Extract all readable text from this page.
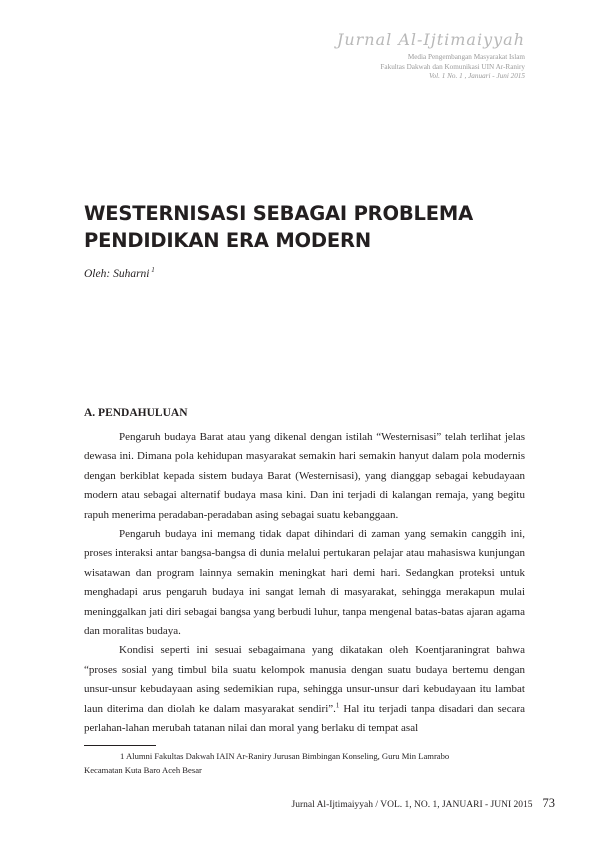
Jurnal Al-Ijtimaiyyah
Media Pengembangan Masyarakat Islam
Fakultas Dakwah dan Komunikasi UIN Ar-Raniry
Vol. 1 No. 1 , Januari - Juni 2015
WESTERNISASI SEBAGAI PROBLEMA PENDIDIKAN ERA MODERN
Oleh: Suharni $^1$
A. PENDAHULUAN

Pengaruh budaya Barat atau yang dikenal dengan istilah “Westernisasi” telah terlihat jelas dewasa ini. Dimana pola kehidupan masyarakat semakin hari semakin hanyut dalam pola modernis dengan berkiblat kepada sistem budaya Barat (Westernisasi), yang dianggap sebagai kebudayaan modern atau sebagai alternatif budaya masa kini. Dan ini terjadi di kalangan remaja, yang begitu rapuh menerima peradaban-peradaban asing sebagai suatu kebanggaan.

Pengaruh budaya ini memang tidak dapat dihindari di zaman yang semakin canggih ini, proses interaksi antar bangsa-bangsa di dunia melalui pertukaran pelajar atau mahasiswa kunjungan wisatawan dan program lainnya semakin meningkat hari demi hari. Sedangkan proteksi untuk menghadapi arus pengaruh budaya ini sangat lemah di masyarakat, sehingga merakapun mulai meninggalkan jati diri sebagai bangsa yang berbudi luhur, tanpa mengenal batas-batas ajaran agama dan moralitas budaya.

Kondisi seperti ini sesuai sebagaimana yang dikatakan oleh Koentjaraningrat bahwa “proses sosial yang timbul bila suatu kelompok manusia dengan suatu budaya bertemu dengan unsur-unsur kebudayaan asing sedemikian rupa, sehingga unsur-unsur dari kebudayaan itu lambat laun diterima dan diolah ke dalam masyarakat sendiri”.$^1$ Hal itu terjadi tanpa disadari dan secara perlahan-lahan merubah tatanan nilai dan moral yang berlaku di tempat asal

1 Alumni Fakultas Dakwah IAIN Ar-Raniry Jurusan Bimbingan Konseling, Guru Min Lamrabo
Kecamatan Kuta Baro Aceh Besar
Jurnal Al-Ijtimaiyyah / VOL. 1, NO. 1, JANUARI - JUNI 2015 73
